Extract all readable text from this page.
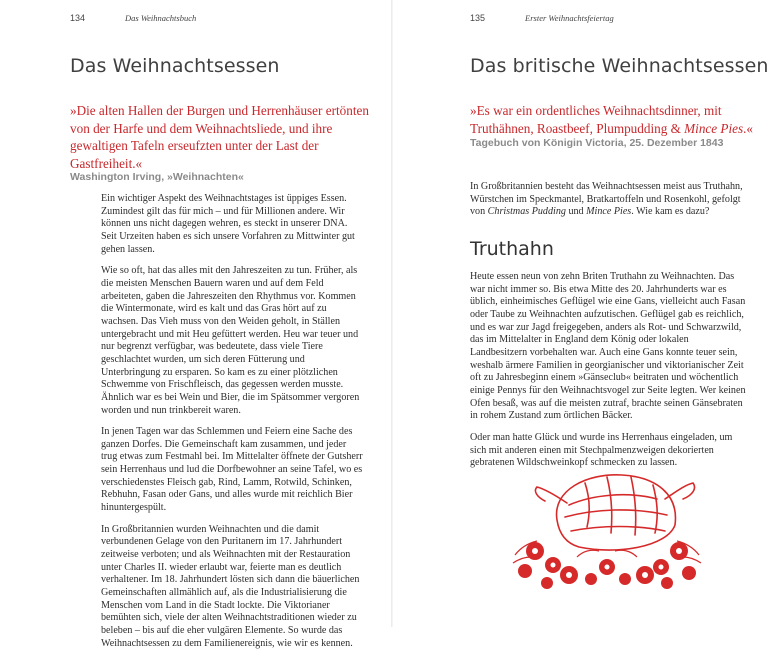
134	Das Weihnachtsbuch
Das Weihnachtsessen

»Die alten Hallen der Burgen und Herrenhäuser ertönten von der Harfe und dem Weihnachtsliede, und ihre gewaltigen Tafeln erseufzten unter der Last der Gastfreiheit.«

Washington Irving, »Weihnachten«

Ein wichtiger Aspekt des Weihnachtstages ist üppiges Essen. Zumindest gilt das für mich – und für Millionen andere. Wir können uns nicht dagegen wehren, es steckt in unserer DNA. Seit Urzeiten haben es sich unsere Vorfahren zu Mittwinter gut gehen lassen.

Wie so oft, hat das alles mit den Jahreszeiten zu tun. Früher, als die meisten Menschen Bauern waren und auf dem Feld arbeiteten, gaben die Jahreszeiten den Rhythmus vor. Kommen die Wintermonate, wird es kalt und das Gras hört auf zu wachsen. Das Vieh muss von den Weiden geholt, in Ställen untergebracht und mit Heu gefüttert werden. Heu war teuer und nur begrenzt verfügbar, was bedeutete, dass viele Tiere geschlachtet wurden, um sich deren Fütterung und Unterbringung zu ersparen. So kam es zu einer plötzlichen Schwemme von Frischfleisch, das gegessen werden musste. Ähnlich war es bei Wein und Bier, die im Spätsommer vergoren worden und nun trinkbereit waren.

In jenen Tagen war das Schlemmen und Feiern eine Sache des ganzen Dorfes. Die Gemeinschaft kam zusammen, und jeder trug etwas zum Festmahl bei. Im Mittelalter öffnete der Gutsherr sein Herrenhaus und lud die Dorfbewohner an seine Tafel, wo es verschiedenstes Fleisch gab, Rind, Lamm, Rotwild, Schinken, Rebhuhn, Fasan oder Gans, und alles wurde mit reichlich Bier hinuntergespült.

In Großbritannien wurden Weihnachten und die damit verbundenen Gelage von den Puritanern im 17. Jahrhundert zeitweise verboten; und als Weihnachten mit der Restauration unter Charles II. wieder erlaubt war, feierte man es deutlich verhaltener. Im 18. Jahrhundert lösten sich dann die bäuerlichen Gemeinschaften allmählich auf, als die Industrialisierung die Menschen vom Land in die Stadt lockte. Die Viktorianer bemühten sich, viele der alten Weihnachtstraditionen wieder zu beleben – bis auf die eher vulgären Elemente. So wurde das Weihnachtsessen zu dem Familienereignis, wie wir es kennen.

135	Erster Weihnachtsfeiertag
Das britische Weihnachtsessen

»Es war ein ordentliches Weihnachtsdinner, mit Truthähnen, Roastbeef, Plumpudding & Mince Pies.«

Tagebuch von Königin Victoria, 25. Dezember 1843

In Großbritannien besteht das Weihnachtsessen meist aus Truthahn, Würstchen im Speckmantel, Bratkartoffeln und Rosenkohl, gefolgt von Christmas Pudding und Mince Pies. Wie kam es dazu?

Truthahn

Heute essen neun von zehn Briten Truthahn zu Weihnachten. Das war nicht immer so. Bis etwa Mitte des 20. Jahrhunderts war es üblich, einheimisches Geflügel wie eine Gans, vielleicht auch Fasan oder Taube zu Weihnachten aufzutischen. Geflügel gab es reichlich, und es war zur Jagd freigegeben, anders als Rot- und Schwarzwild, das im Mittelalter in England dem König oder lokalen Landbesitzern vorbehalten war. Auch eine Gans konnte teuer sein, weshalb ärmere Familien in georgianischer und viktorianischer Zeit oft zu Jahresbeginn einem »Gänseclub« beitraten und wöchentlich einige Pennys für den Weihnachtsvogel zur Seite legten. Wer keinen Ofen besaß, was auf die meisten zutraf, brachte seinen Gänsebraten in rohem Zustand zum örtlichen Bäcker.

Oder man hatte Glück und wurde ins Herrenhaus eingeladen, um sich mit anderen einen mit Stechpalmenzweigen dekorierten gebratenen Wildschweinkopf schmecken zu lassen.
